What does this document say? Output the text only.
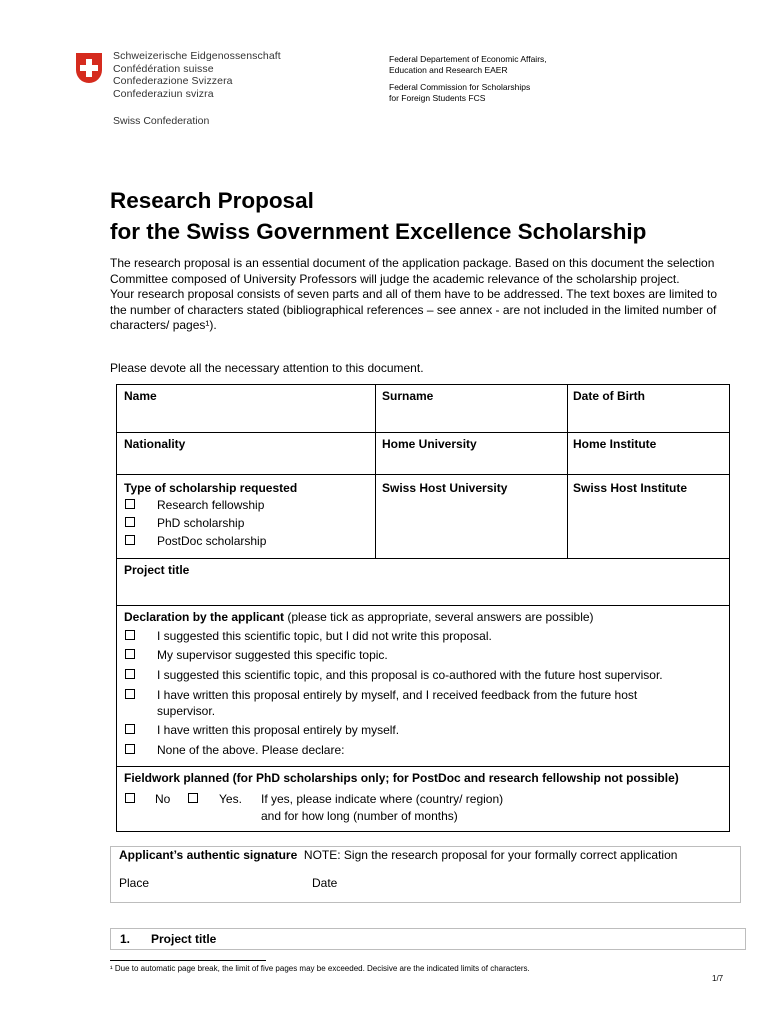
Schweizerische Eidgenossenschaft
Confédération suisse
Confederazione Svizzera
Confederaziun svizra
Swiss Confederation
Federal Departement of Economic Affairs,
Education and Research EAER
Federal Commission for Scholarships
for Foreign Students FCS
Research Proposal
for the Swiss Government Excellence Scholarship

The research proposal is an essential document of the application package. Based on this document the selection Committee composed of University Professors will judge the academic relevance of the scholarship project.

Your research proposal consists of seven parts and all of them have to be addressed. The text boxes are limited to the number of characters stated (bibliographical references – see annex - are not included in the limited number of characters/ pages¹).

Please devote all the necessary attention to this document.
Name	Surname	Date of Birth
Nationality	Home University	Home Institute
Type of scholarship requested
Research fellowship
PhD scholarship
PostDoc scholarship
Swiss Host University	Swiss Host Institute
Project title
Declaration by the applicant (please tick as appropriate, several answers are possible)
I suggested this scientific topic, but I did not write this proposal.
My supervisor suggested this specific topic.
I suggested this scientific topic, and this proposal is co-authored with the future host supervisor.
I have written this proposal entirely by myself, and I received feedback from the future host
supervisor.
I have written this proposal entirely by myself.
None of the above. Please declare:
Fieldwork planned (for PhD scholarships only; for PostDoc and research fellowship not possible)
No	Yes. If yes, please indicate where (country/ region)
and for how long (number of months)
Applicant’s authentic signature NOTE: Sign the research proposal for your formally correct application
Place	Date
1. Project title
¹ Due to automatic page break, the limit of five pages may be exceeded. Decisive are the indicated limits of characters.
1/7
